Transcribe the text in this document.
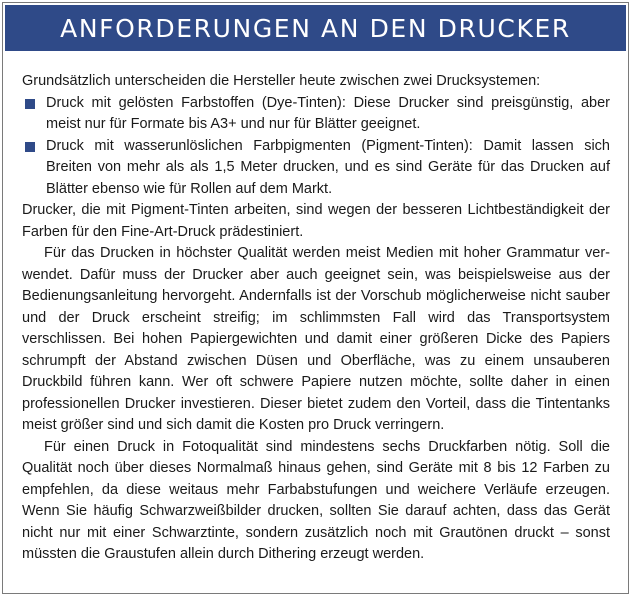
ANFORDERUNGEN AN DEN DRUCKER

Grundsätzlich unterscheiden die Hersteller heute zwischen zwei Drucksystemen:

Druck mit gelösten Farbstoffen (Dye-Tinten): Diese Drucker sind preisgünstig, aber meist nur für Formate bis A3+ und nur für Blätter geeignet.
Druck mit wasserunlöslichen Farbpigmenten (Pigment-Tinten): Damit lassen sich Breiten von mehr als als 1,5 Meter drucken, und es sind Geräte für das Drucken auf Blätter ebenso wie für Rollen auf dem Markt.

Drucker, die mit Pigment-Tinten arbeiten, sind wegen der besseren Lichtbeständigkeit der Farben für den Fine-Art-Druck prädestiniert.

Für das Drucken in höchster Qualität werden meist Medien mit hoher Grammatur verwendet. Dafür muss der Drucker aber auch geeignet sein, was beispielsweise aus der Bedienungsanleitung hervorgeht. Andernfalls ist der Vorschub möglicherweise nicht sauber und der Druck erscheint streifig; im schlimmsten Fall wird das Transportsystem verschlissen. Bei hohen Papiergewichten und damit einer größeren Dicke des Papiers schrumpft der Abstand zwischen Düsen und Oberfläche, was zu einem unsauberen Druckbild führen kann. Wer oft schwere Papiere nutzen möchte, sollte daher in einen professionellen Drucker investieren. Dieser bietet zudem den Vorteil, dass die Tintentanks meist größer sind und sich damit die Kosten pro Druck verringern.

Für einen Druck in Fotoqualität sind mindestens sechs Druckfarben nötig. Soll die Qualität noch über dieses Normalmaß hinaus gehen, sind Geräte mit 8 bis 12 Farben zu empfehlen, da diese weitaus mehr Farbabstufungen und weichere Verläufe erzeugen. Wenn Sie häufig Schwarzweißbilder drucken, sollten Sie darauf achten, dass das Gerät nicht nur mit einer Schwarztinte, sondern zusätzlich noch mit Grautönen druckt – sonst müssten die Graustufen allein durch Dithering erzeugt werden.
